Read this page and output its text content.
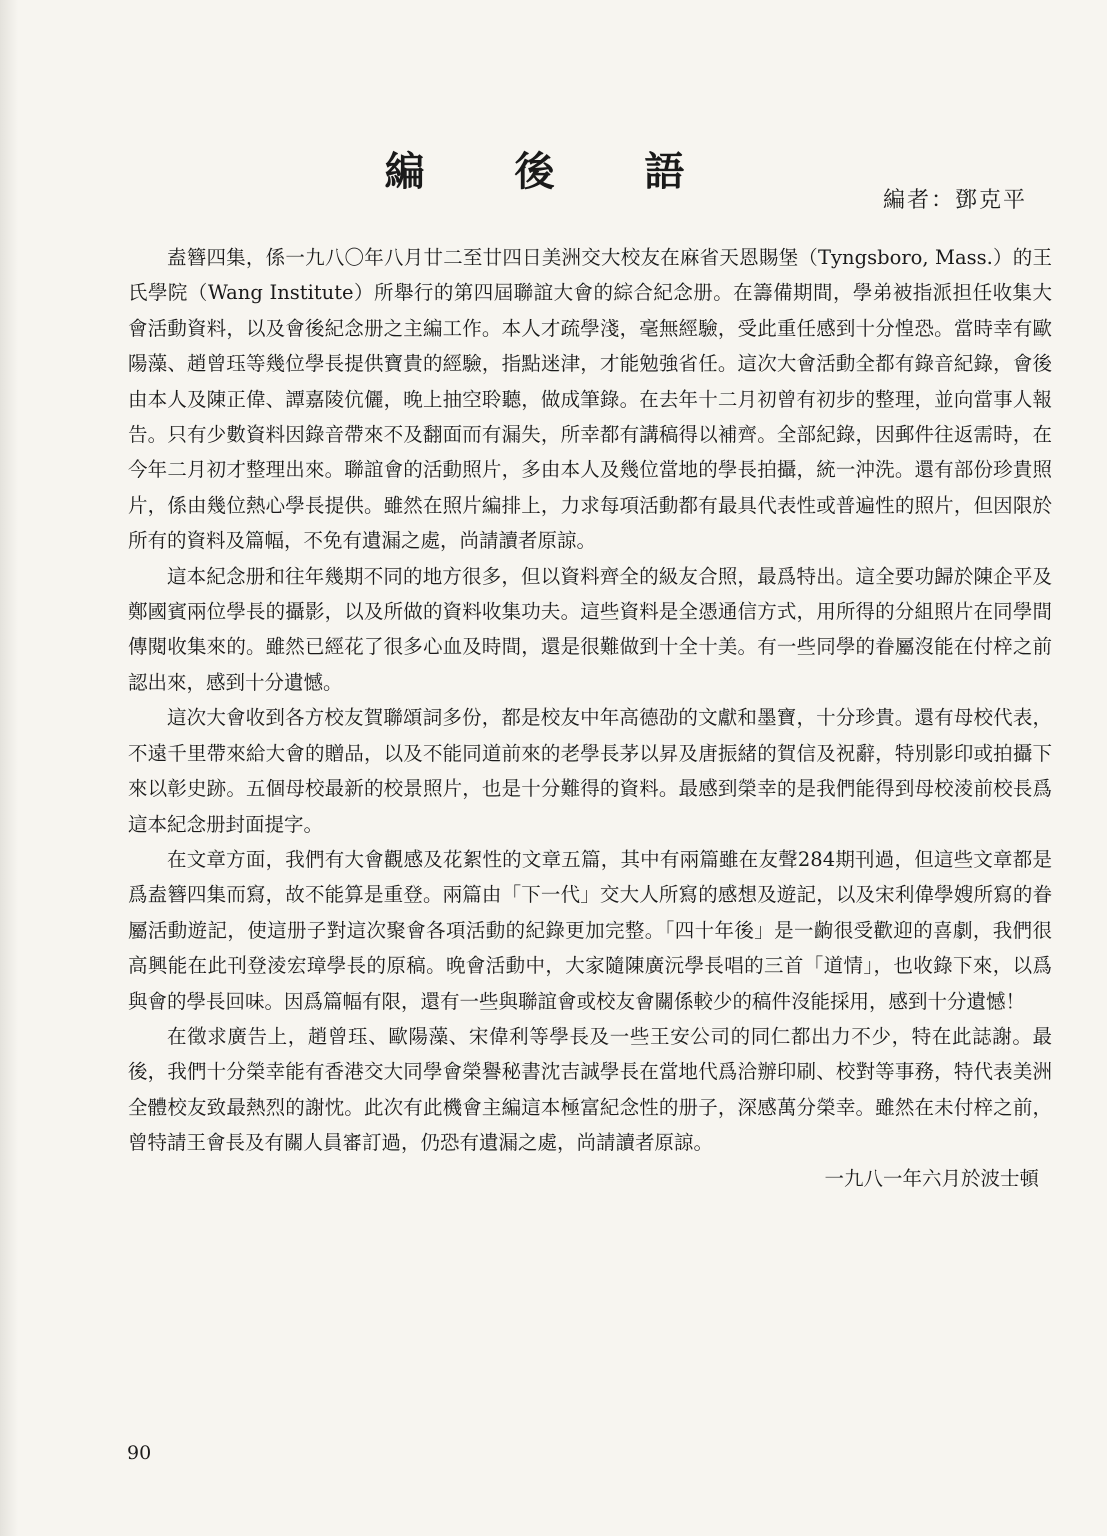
編 後 語
編者：鄧克平

盍簪四集，係一九八〇年八月廿二至廿四日美洲交大校友在麻省天恩賜堡（Tyngsboro, Mass.）的王氏學院（Wang Institute）所舉行的第四屆聯誼大會的綜合紀念册。在籌備期間，學弟被指派担任收集大會活動資料，以及會後紀念册之主編工作。本人才疏學淺，毫無經驗，受此重任感到十分惶恐。當時幸有歐陽藻、趙曾珏等幾位學長提供寶貴的經驗，指點迷津，才能勉強省任。這次大會活動全都有錄音紀錄，會後由本人及陳正偉、譚嘉陵伉儷，晚上抽空聆聽，做成筆錄。在去年十二月初曾有初步的整理，並向當事人報告。只有少數資料因錄音帶來不及翻面而有漏失，所幸都有講稿得以補齊。全部紀錄，因郵件往返需時，在今年二月初才整理出來。聯誼會的活動照片，多由本人及幾位當地的學長拍攝，統一沖洗。還有部份珍貴照片，係由幾位熱心學長提供。雖然在照片編排上，力求每項活動都有最具代表性或普遍性的照片，但因限於所有的資料及篇幅，不免有遺漏之處，尚請讀者原諒。

這本紀念册和往年幾期不同的地方很多，但以資料齊全的級友合照，最爲特出。這全要功歸於陳企平及鄭國賓兩位學長的攝影，以及所做的資料收集功夫。這些資料是全憑通信方式，用所得的分組照片在同學間傳閱收集來的。雖然已經花了很多心血及時間，還是很難做到十全十美。有一些同學的眷屬沒能在付梓之前認出來，感到十分遺憾。

這次大會收到各方校友賀聯頌詞多份，都是校友中年高德劭的文獻和墨寶，十分珍貴。還有母校代表，不遠千里帶來給大會的贈品，以及不能同道前來的老學長茅以昇及唐振緒的賀信及祝辭，特別影印或拍攝下來以彰史跡。五個母校最新的校景照片，也是十分難得的資料。最感到榮幸的是我們能得到母校淩前校長爲這本紀念册封面提字。

在文章方面，我們有大會觀感及花絮性的文章五篇，其中有兩篇雖在友聲284期刊過，但這些文章都是爲盍簪四集而寫，故不能算是重登。兩篇由「下一代」交大人所寫的感想及遊記，以及宋利偉學嫂所寫的眷屬活動遊記，使這册子對這次聚會各項活動的紀錄更加完整。「四十年後」是一齣很受歡迎的喜劇，我們很高興能在此刊登淩宏璋學長的原稿。晚會活動中，大家隨陳廣沅學長唱的三首「道情」，也收錄下來，以爲與會的學長回味。因爲篇幅有限，還有一些與聯誼會或校友會關係較少的稿件沒能採用，感到十分遺憾！

在徵求廣告上，趙曾珏、歐陽藻、宋偉利等學長及一些王安公司的同仁都出力不少，特在此誌謝。最後，我們十分榮幸能有香港交大同學會榮譽秘書沈吉誠學長在當地代爲洽辦印刷、校對等事務，特代表美洲全體校友致最熱烈的謝忱。此次有此機會主編這本極富紀念性的册子，深感萬分榮幸。雖然在未付梓之前，曾特請王會長及有關人員審訂過，仍恐有遺漏之處，尚請讀者原諒。

一九八一年六月於波士頓
90
